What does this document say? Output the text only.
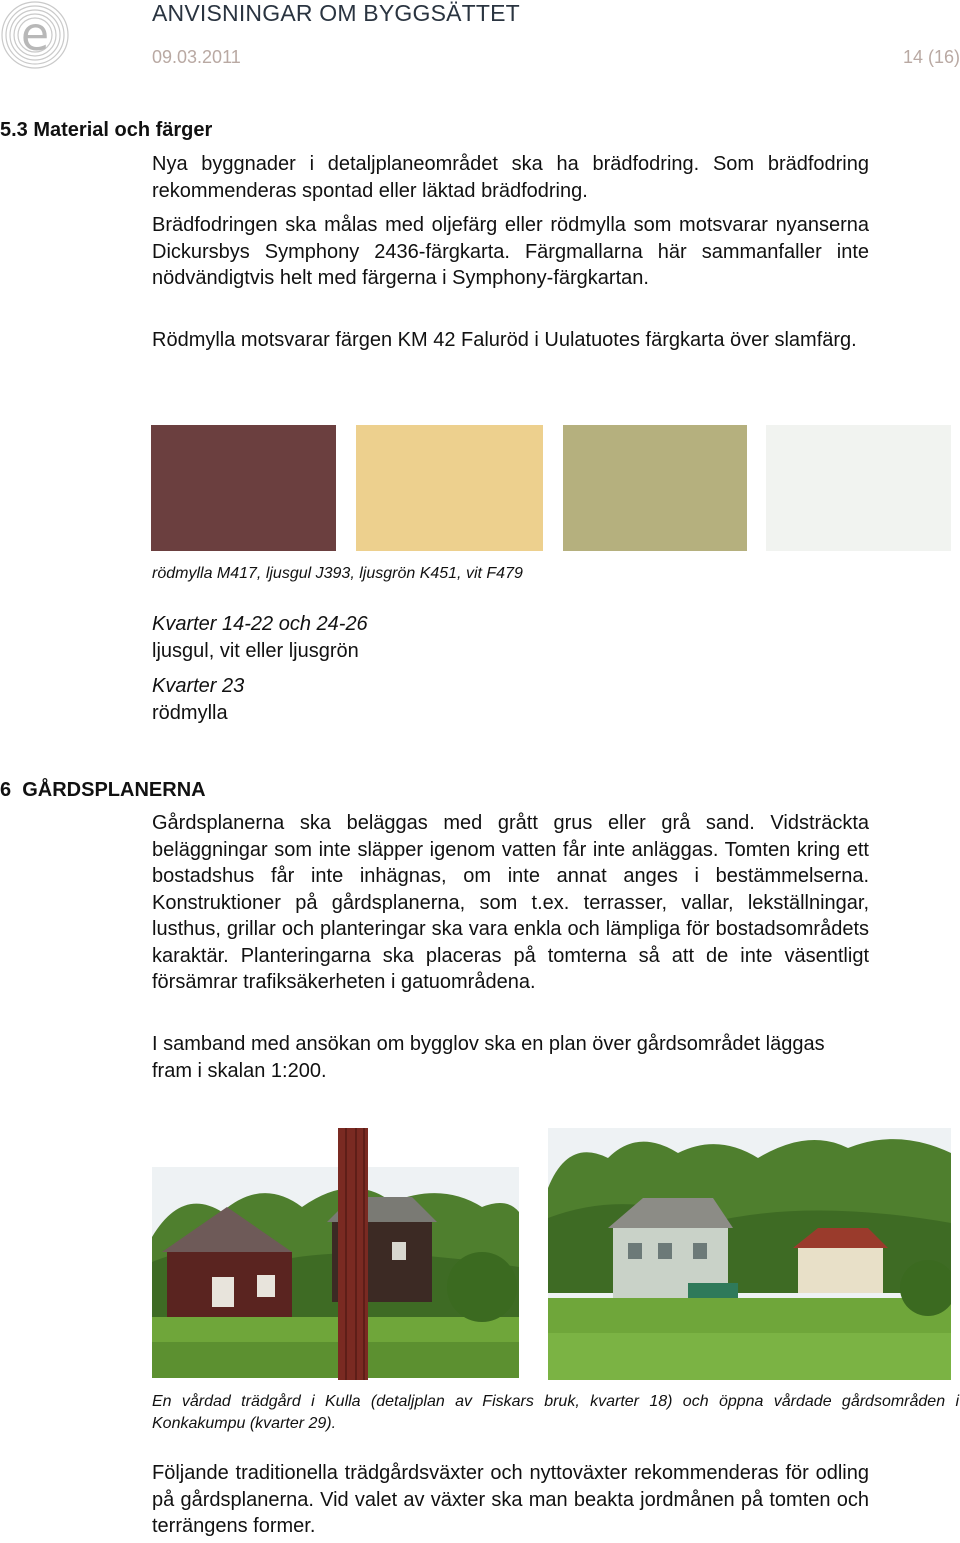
e	ANVISNINGAR OM BYGGSÄTTET
09.03.2011	14 (16)
5.3 Material och färger
Nya byggnader i detaljplaneområdet ska ha brädfodring. Som brädfodring rekommenderas spontad eller läktad brädfodring.
Brädfodringen ska målas med oljefärg eller rödmylla som motsvarar nyanserna Dickursbys Symphony 2436-färgkarta. Färgmallarna här sammanfaller inte nödvändigtvis helt med färgerna i Symphony-färgkartan.
Rödmylla motsvarar färgen KM 42 Faluröd i Uulatuotes färgkarta över slamfärg.
rödmylla M417, ljusgul J393, ljusgrön K451, vit F479
Kvarter 14-22 och 24-26
ljusgul, vit eller ljusgrön
Kvarter 23
rödmylla
6  GÅRDSPLANERNA
Gårdsplanerna ska beläggas med grått grus eller grå sand. Vidsträckta beläggningar som inte släpper igenom vatten får inte anläggas. Tomten kring ett bostadshus får inte inhägnas, om inte annat anges i bestämmelserna. Konstruktioner på gårdsplanerna, som t.ex. terrasser, vallar, lekställningar, lusthus, grillar och planteringar ska vara enkla och lämpliga för bostadsområdets karaktär. Planteringarna ska placeras på tomterna så att de inte väsentligt försämrar trafiksäkerheten i gatuområdena.
I samband med ansökan om bygglov ska en plan över gårdsområdet läggas fram i skalan 1:200.
En vårdad trädgård i Kulla (detaljplan av Fiskars bruk, kvarter 18) och öppna vårdade gårdsområden i Konkakumpu (kvarter 29).
Följande traditionella trädgårdsväxter och nyttoväxter rekommenderas för odling på gårdsplanerna. Vid valet av växter ska man beakta jordmånen på tomten och terrängens former.
